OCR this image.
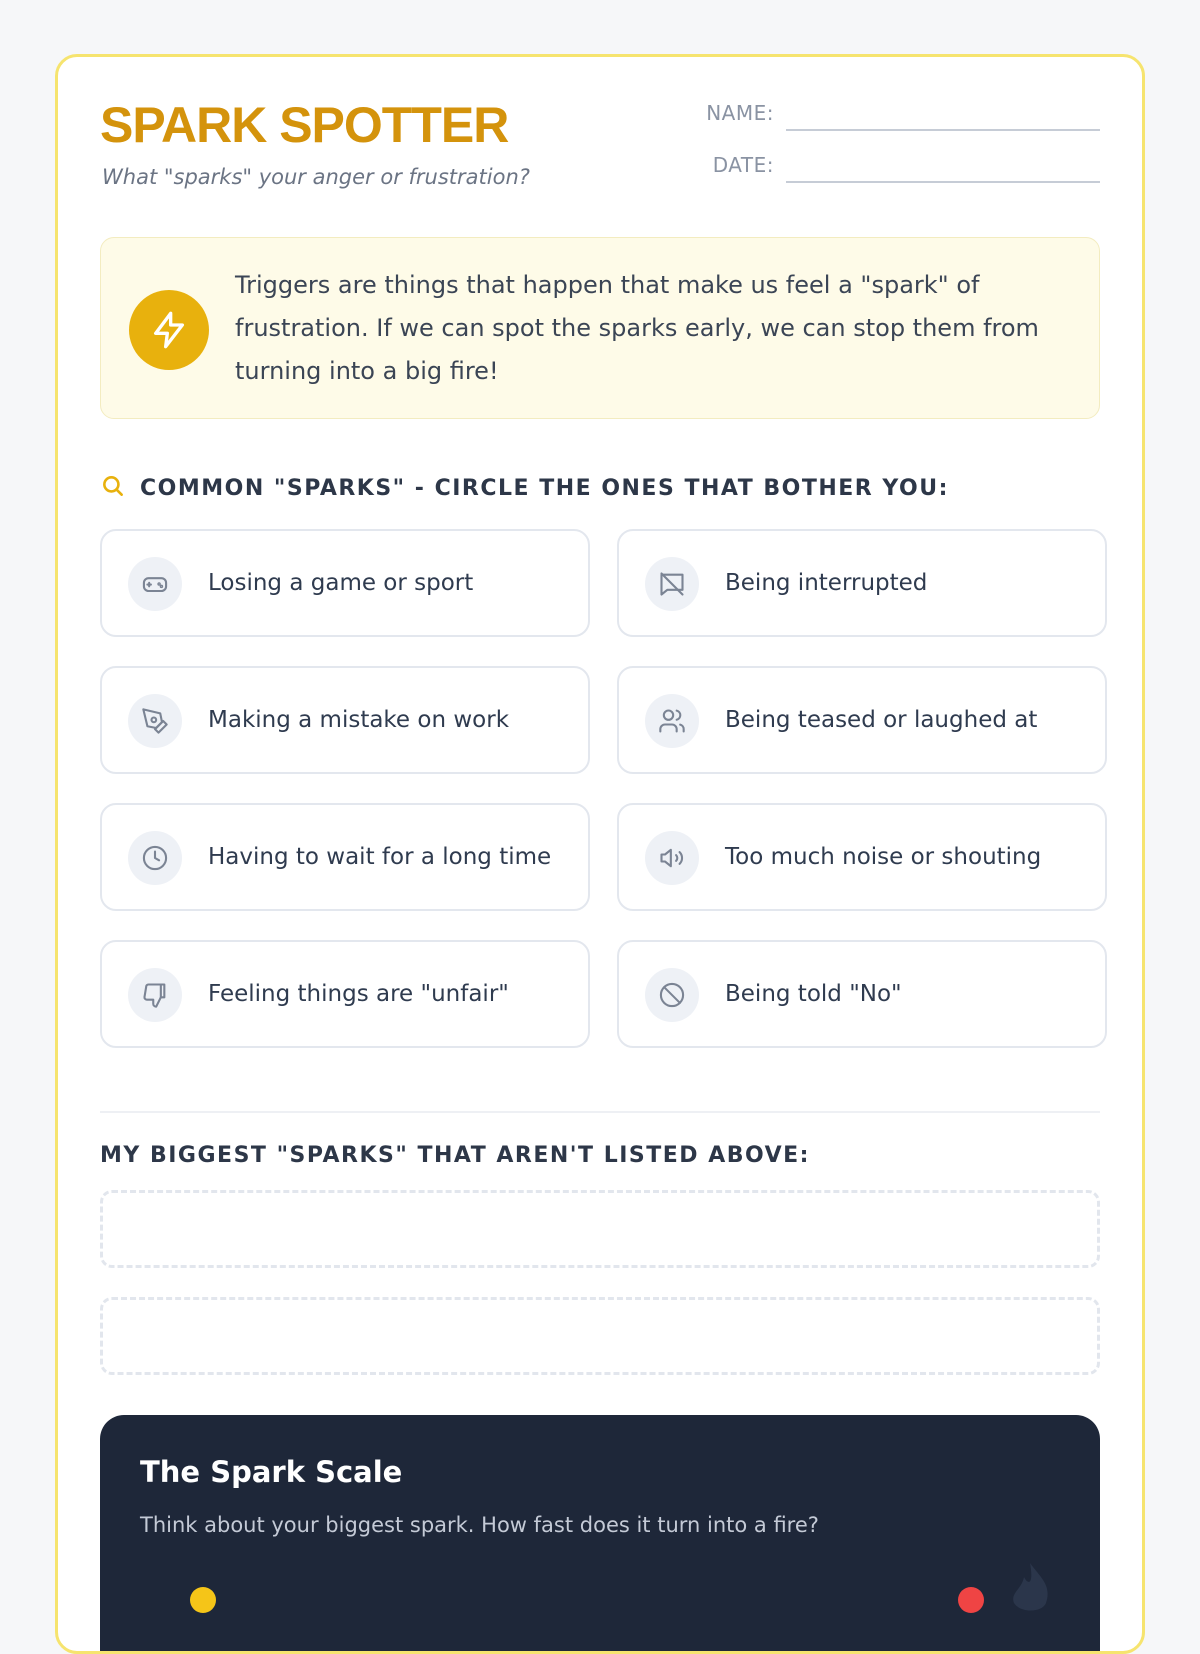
SPARK SPOTTER
What "sparks" your anger or frustration?
NAME:
DATE:
Triggers are things that happen that make us feel a "spark" of frustration. If we can spot the sparks early, we can stop them from turning into a big fire!
COMMON "SPARKS" - CIRCLE THE ONES THAT BOTHER YOU:
Losing a game or sport	Being interrupted
Making a mistake on work	Being teased or laughed at
Having to wait for a long time	Too much noise or shouting
Feeling things are "unfair"	Being told "No"
MY BIGGEST "SPARKS" THAT AREN'T LISTED ABOVE:
The Spark Scale
Think about your biggest spark. How fast does it turn into a fire?
